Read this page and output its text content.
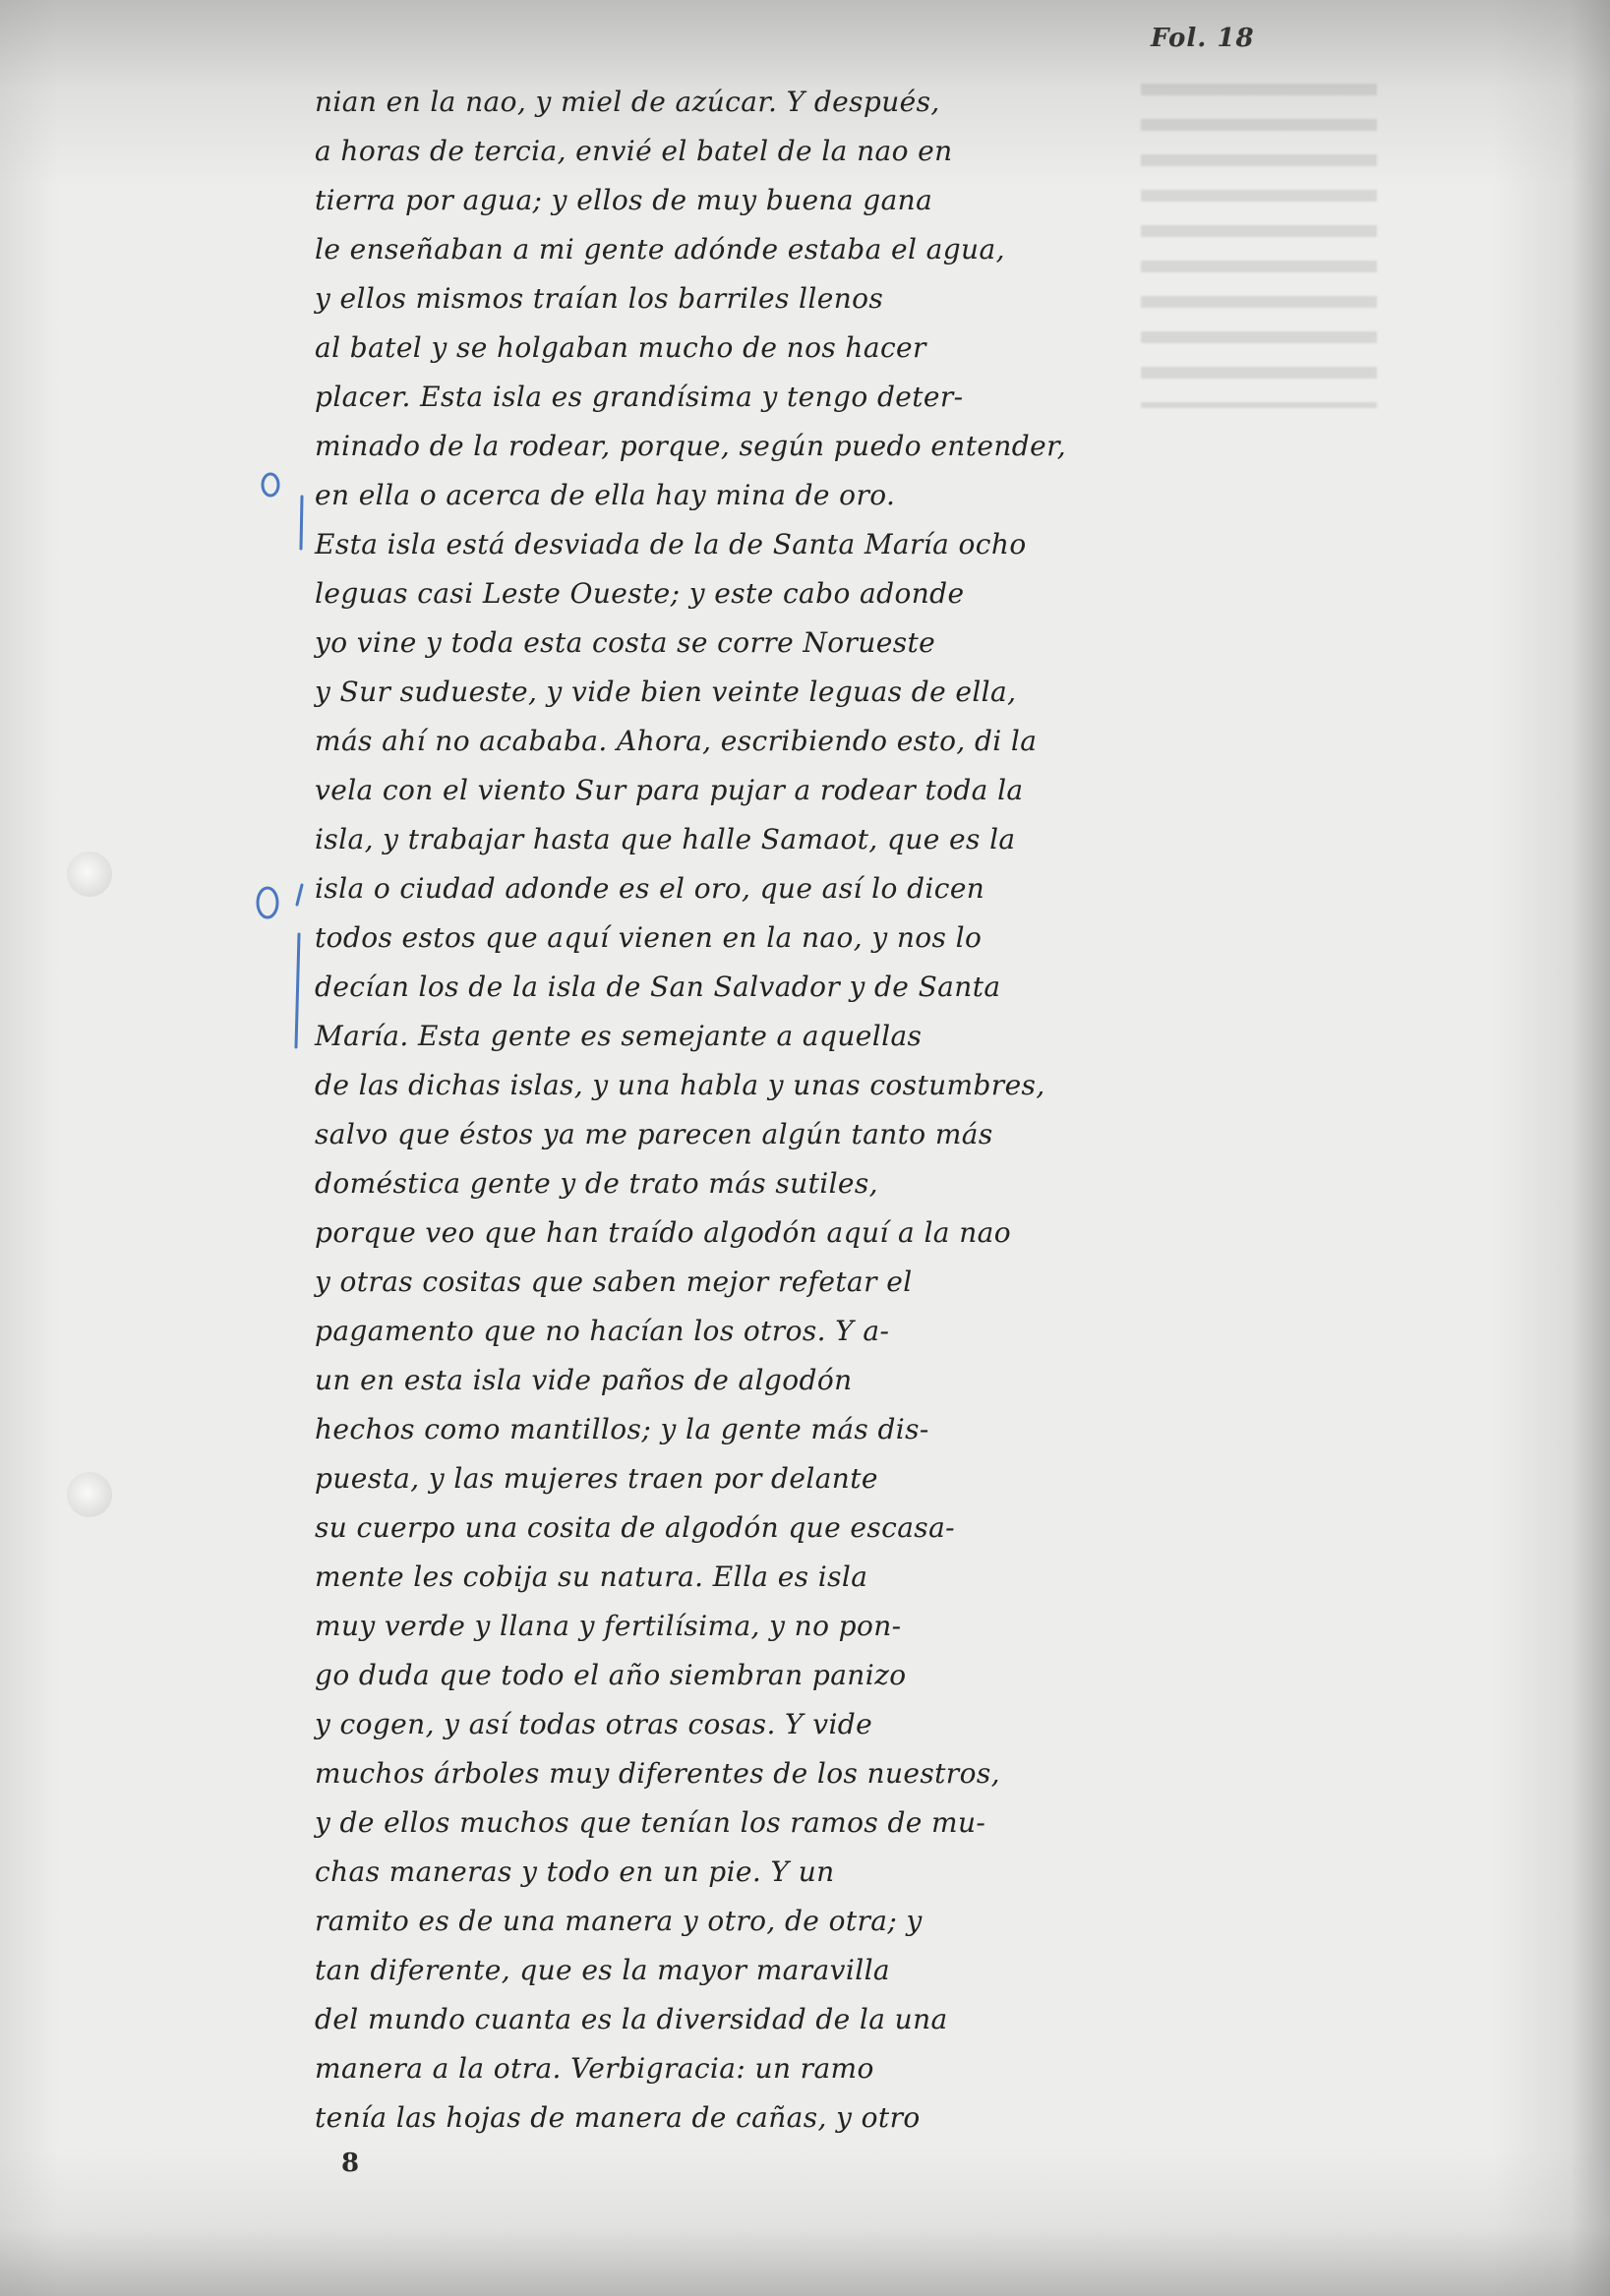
Fol. 18
nian en la nao, y miel de azúcar. Y después,
a horas de tercia, envié el batel de la nao en
tierra por agua; y ellos de muy buena gana
le enseñaban a mi gente adónde estaba el agua,
y ellos mismos traían los barriles llenos
al batel y se holgaban mucho de nos hacer
placer. Esta isla es grandísima y tengo deter-
minado de la rodear, porque, según puedo entender,
en ella o acerca de ella hay mina de oro.
Esta isla está desviada de la de Santa María ocho
leguas casi Leste Oueste; y este cabo adonde
yo vine y toda esta costa se corre Norueste
y Sur sudueste, y vide bien veinte leguas de ella,
más ahí no acababa. Ahora, escribiendo esto, di la
vela con el viento Sur para pujar a rodear toda la
isla, y trabajar hasta que halle Samaot, que es la
isla o ciudad adonde es el oro, que así lo dicen
todos estos que aquí vienen en la nao, y nos lo
decían los de la isla de San Salvador y de Santa
María. Esta gente es semejante a aquellas
de las dichas islas, y una habla y unas costumbres,
salvo que éstos ya me parecen algún tanto más
doméstica gente y de trato más sutiles,
porque veo que han traído algodón aquí a la nao
y otras cositas que saben mejor refetar el
pagamento que no hacían los otros. Y a-
un en esta isla vide paños de algodón
hechos como mantillos; y la gente más dis-
puesta, y las mujeres traen por delante
su cuerpo una cosita de algodón que escasa-
mente les cobija su natura. Ella es isla
muy verde y llana y fertilísima, y no pon-
go duda que todo el año siembran panizo
y cogen, y así todas otras cosas. Y vide
muchos árboles muy diferentes de los nuestros,
y de ellos muchos que tenían los ramos de mu-
chas maneras y todo en un pie. Y un
ramito es de una manera y otro, de otra; y
tan diferente, que es la mayor maravilla
del mundo cuanta es la diversidad de la una
manera a la otra. Verbigracia: un ramo
tenía las hojas de manera de cañas, y otro
8
